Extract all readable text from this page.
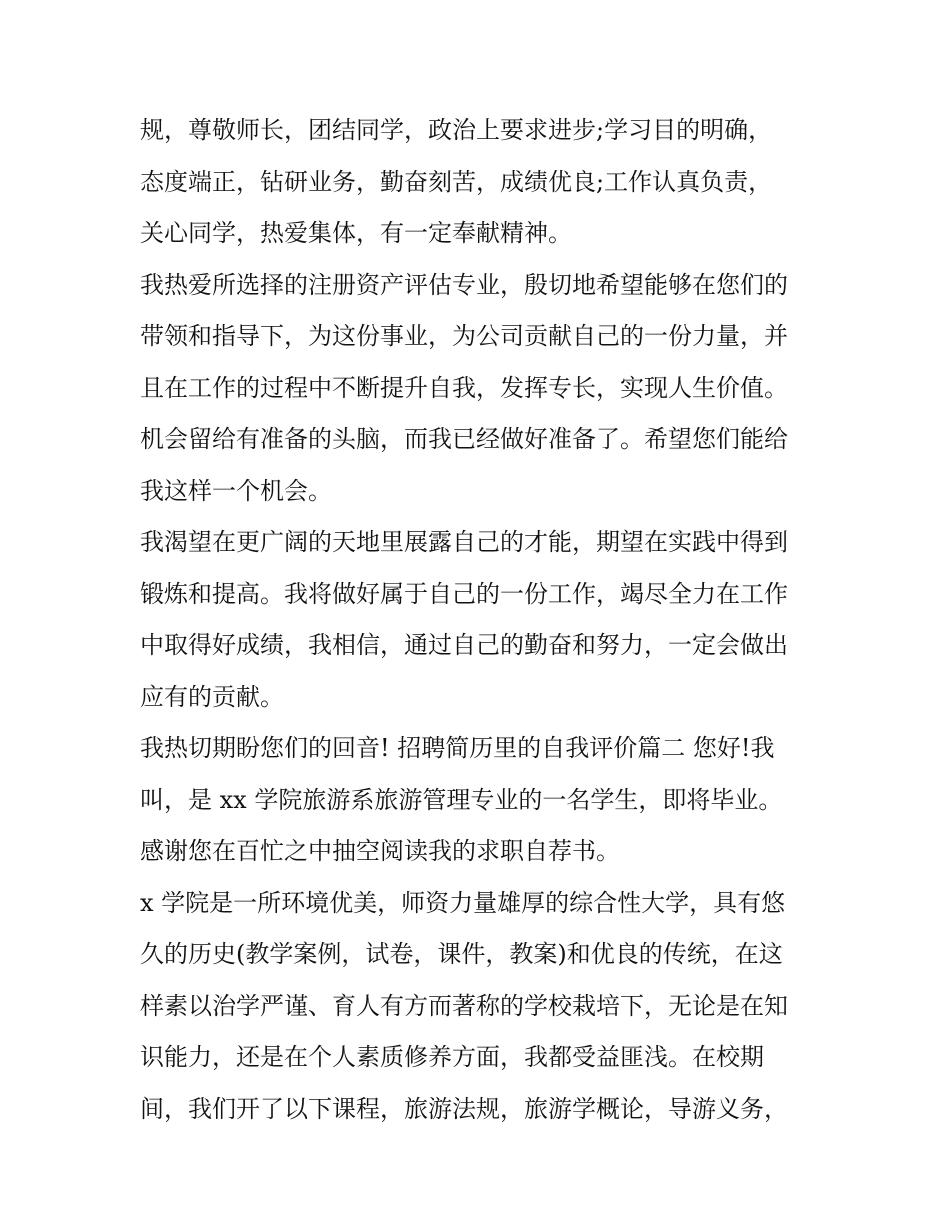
规，尊敬师长，团结同学，政治上要求进步;学习目的明确，
态度端正，钻研业务，勤奋刻苦，成绩优良;工作认真负责，
关心同学，热爱集体，有一定奉献精神。
我热爱所选择的注册资产评估专业，殷切地希望能够在您们的
带领和指导下，为这份事业，为公司贡献自己的一份力量，并
且在工作的过程中不断提升自我，发挥专长，实现人生价值。
机会留给有准备的头脑，而我已经做好准备了。希望您们能给
我这样一个机会。
我渴望在更广阔的天地里展露自己的才能，期望在实践中得到
锻炼和提高。我将做好属于自己的一份工作，竭尽全力在工作
中取得好成绩，我相信，通过自己的勤奋和努力，一定会做出
应有的贡献。
我热切期盼您们的回音! 招聘简历里的自我评价篇二 您好!我
叫，是 xx 学院旅游系旅游管理专业的一名学生，即将毕业。
感谢您在百忙之中抽空阅读我的求职自荐书。
x 学院是一所环境优美，师资力量雄厚的综合性大学，具有悠
久的历史(教学案例，试卷，课件，教案)和优良的传统，在这
样素以治学严谨、育人有方而著称的学校栽培下，无论是在知
识能力，还是在个人素质修养方面，我都受益匪浅。在校期
间，我们开了以下课程，旅游法规，旅游学概论，导游义务，
